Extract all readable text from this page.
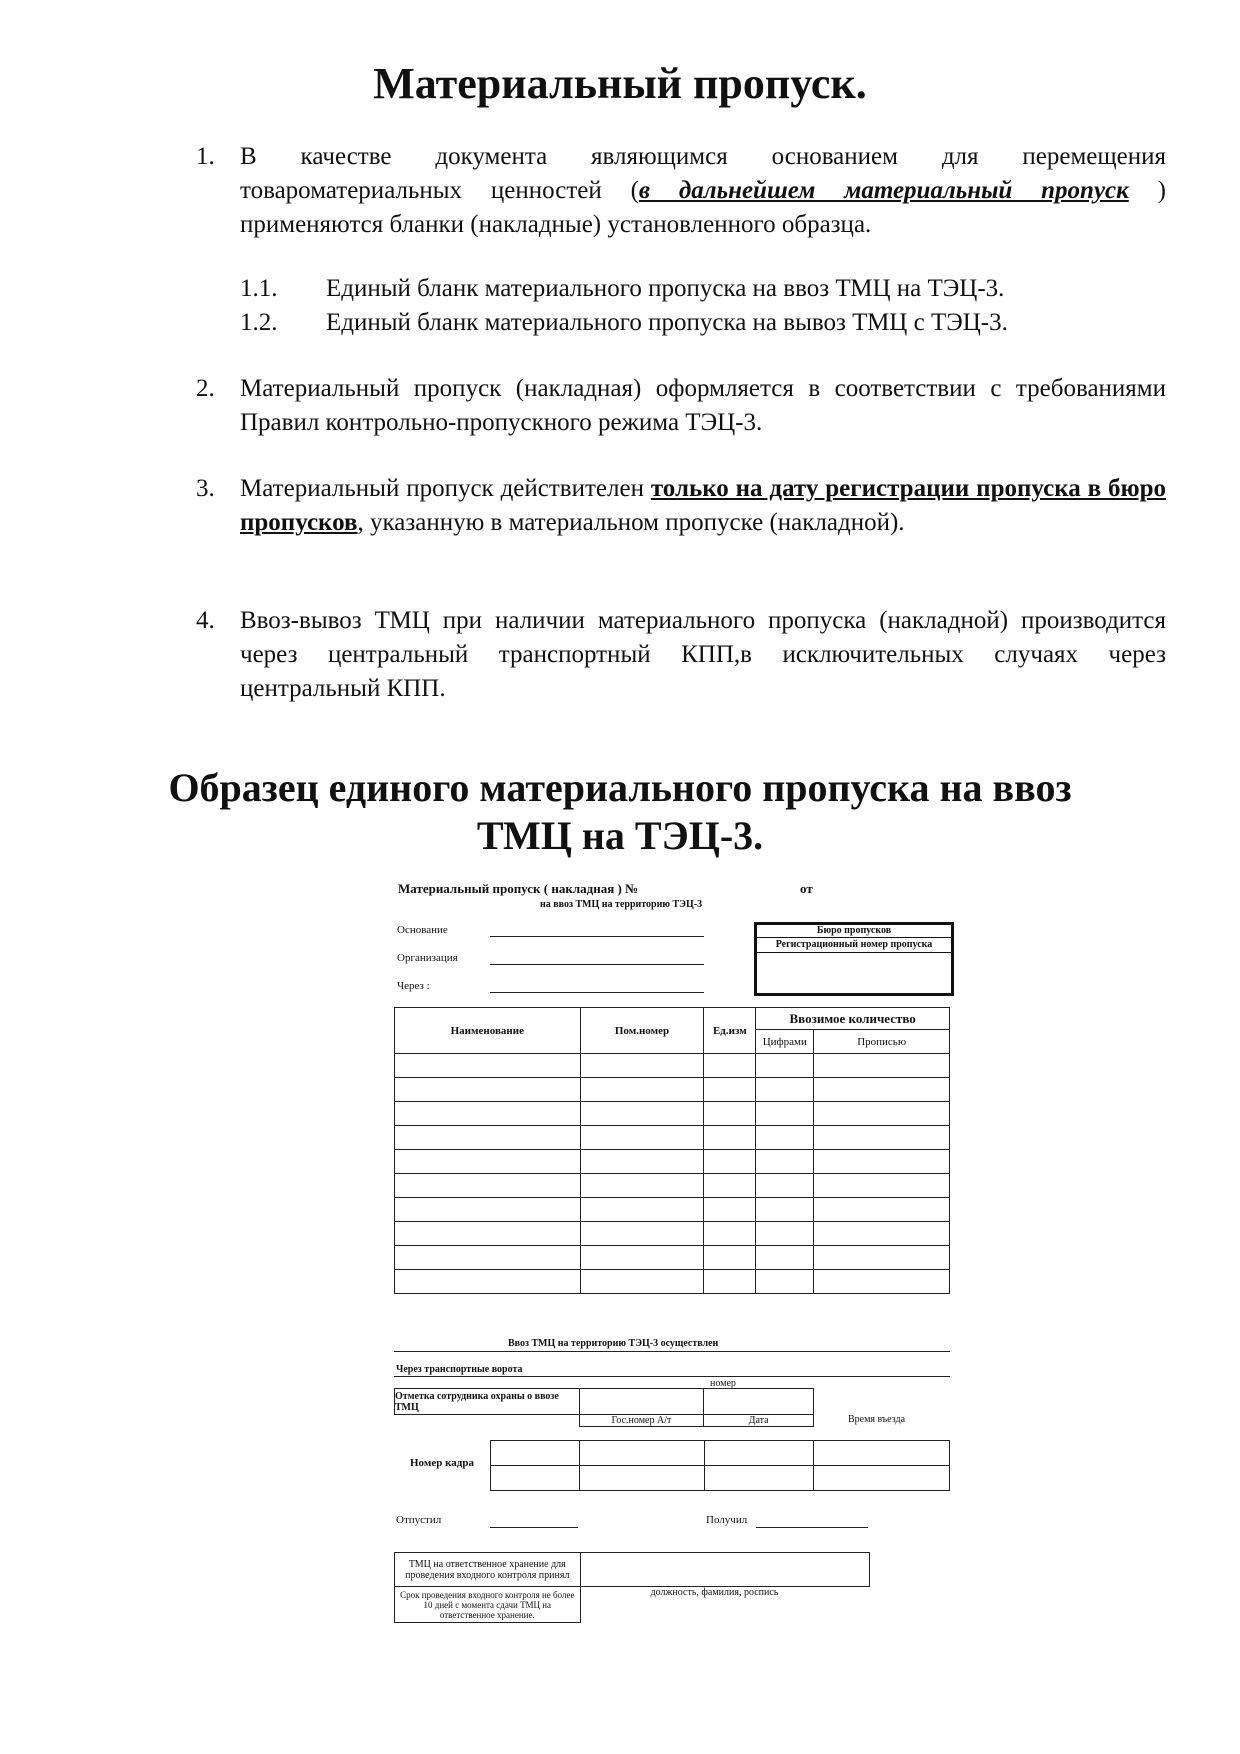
Материальный пропуск.
1.	В качестве документа являющимся основанием для перемещения товароматериальных ценностей (в дальнейшем материальный пропуск ) применяются бланки (накладные) установленного образца.
1.1. Единый бланк материального пропуска на ввоз ТМЦ на ТЭЦ-3.
1.2. Единый бланк материального пропуска на вывоз ТМЦ с ТЭЦ-3.
2.	Материальный пропуск (накладная) оформляется в соответствии с требованиями Правил контрольно-пропускного режима ТЭЦ-3.
3.	Материальный пропуск действителен только на дату регистрации пропуска в бюро пропусков, указанную в материальном пропуске (накладной).
4.	Ввоз-вывоз ТМЦ при наличии материального пропуска (накладной) производится через центральный транспортный КПП,в исключительных случаях через центральный КПП.
Образец единого материального пропуска на ввоз
ТМЦ на ТЭЦ-3.
Материальный пропуск ( накладная ) №	от
на ввоз ТМЦ на территорию ТЭЦ-3
Основание
Организация
Через :
Бюро пропусков
Регистрационный номер пропуска
Наименование	Пом.номер	Ед.изм	Ввозимое количество	
			Цифрами	Прописью

Ввоз ТМЦ на территорию ТЭЦ-3 осуществлен
Через транспортные ворота
номер
Отметка сотрудника охраны о ввозе ТМЦ		
	Гос.номер А/т	Дата	Время въезда
Номер кадра

Отпустил	Получил
ТМЦ на ответственное хранение для проведения входного контроля принял	
Срок проведения входного контроля не более 10 дней с момента сдачи ТМЦ на ответственное хранение.	должность, фамилия, роспись
